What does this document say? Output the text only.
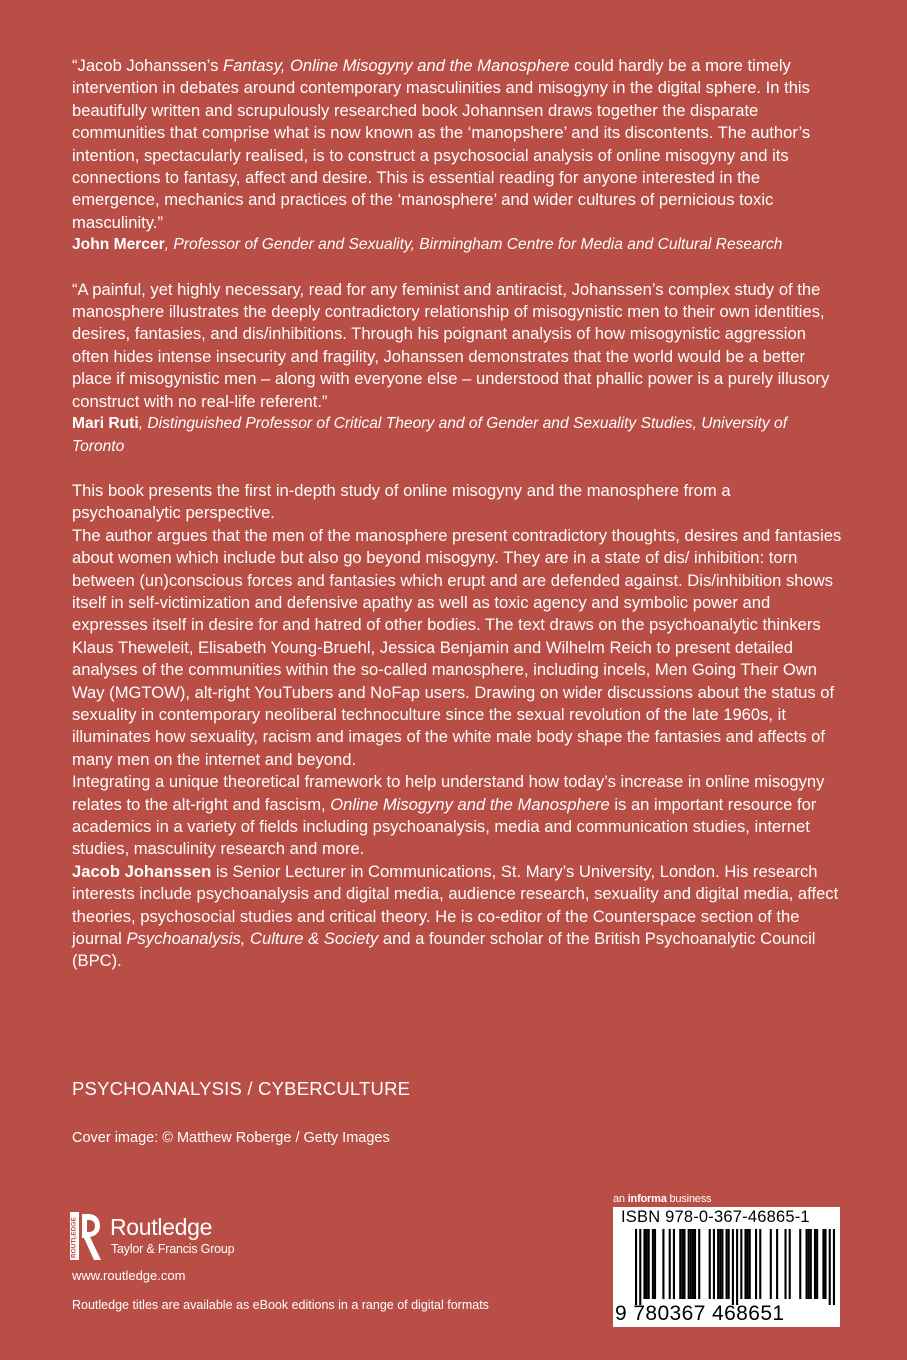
“Jacob Johanssen’s Fantasy, Online Misogyny and the Manosphere could hardly be a more timely intervention in debates around contemporary masculinities and misogyny in the digital sphere. In this beautifully written and scrupulously researched book Johannsen draws together the disparate communities that comprise what is now known as the ‘manopshere’ and its discontents. The author’s intention, spectacularly realised, is to construct a psychosocial analysis of online misogyny and its connections to fantasy, affect and desire. This is essential reading for anyone interested in the emergence, mechanics and practices of the ‘manosphere’ and wider cultures of pernicious toxic masculinity.”

John Mercer, Professor of Gender and Sexuality, Birmingham Centre for Media and Cultural Research

“A painful, yet highly necessary, read for any feminist and antiracist, Johanssen’s complex study of the manosphere illustrates the deeply contradictory relationship of misogynistic men to their own identities, desires, fantasies, and dis/inhibitions. Through his poignant analysis of how misogynistic aggression often hides intense insecurity and fragility, Johanssen demonstrates that the world would be a better place if misogynistic men – along with everyone else – understood that phallic power is a purely illusory construct with no real-life referent.”

Mari Ruti, Distinguished Professor of Critical Theory and of Gender and Sexuality Studies, University of Toronto

This book presents the first in-depth study of online misogyny and the manosphere from a psychoanalytic perspective.

The author argues that the men of the manosphere present contradictory thoughts, desires and fantasies about women which include but also go beyond misogyny. They are in a state of dis/ inhibition: torn between (un)conscious forces and fantasies which erupt and are defended against. Dis/inhibition shows itself in self-victimization and defensive apathy as well as toxic agency and symbolic power and expresses itself in desire for and hatred of other bodies. The text draws on the psychoanalytic thinkers Klaus Theweleit, Elisabeth Young-Bruehl, Jessica Benjamin and Wilhelm Reich to present detailed analyses of the communities within the so-called manosphere, including incels, Men Going Their Own Way (MGTOW), alt-right YouTubers and NoFap users. Drawing on wider discussions about the status of sexuality in contemporary neoliberal technoculture since the sexual revolution of the late 1960s, it illuminates how sexuality, racism and images of the white male body shape the fantasies and affects of many men on the internet and beyond.

Integrating a unique theoretical framework to help understand how today’s increase in online misogyny relates to the alt-right and fascism, Online Misogyny and the Manosphere is an important resource for academics in a variety of fields including psychoanalysis, media and communication studies, internet studies, masculinity research and more.

Jacob Johanssen is Senior Lecturer in Communications, St. Mary’s University, London. His research interests include psychoanalysis and digital media, audience research, sexuality and digital media, affect theories, psychosocial studies and critical theory. He is co-editor of the Counterspace section of the journal Psychoanalysis, Culture & Society and a founder scholar of the British Psychoanalytic Council (BPC).

PSYCHOANALYSIS / CYBERCULTURE
Cover image: © Matthew Roberge / Getty Images
ROUTLEDGE Routledge
Taylor & Francis Group
www.routledge.com
Routledge titles are available as eBook editions in a range of digital formats
an informa business
ISBN 978-0-367-46865-1
9 780367 468651
